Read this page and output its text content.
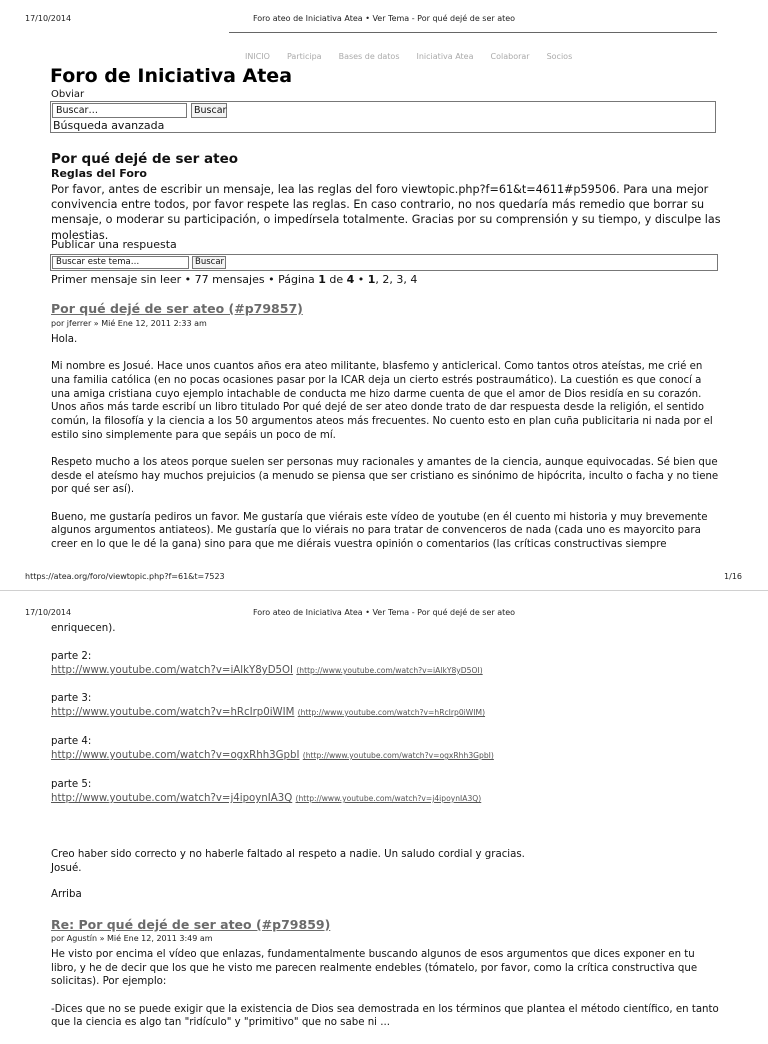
17/10/2014	Foro ateo de Iniciativa Atea • Ver Tema - Por qué dejé de ser ateo
INICIO Participa Bases de datos Iniciativa Atea Colaborar Socios
Foro de Iniciativa Atea
Obviar
Buscar…	Buscar
Búsqueda avanzada
Por qué dejé de ser ateo
Reglas del Foro
Por favor, antes de escribir un mensaje, lea las reglas del foro viewtopic.php?f=61&t=4611#p59506. Para una mejor convivencia entre todos, por favor respete las reglas. En caso contrario, no nos quedaría más remedio que borrar su mensaje, o moderar su participación, o impedírsela totalmente. Gracias por su comprensión y su tiempo, y disculpe las molestias.
Publicar una respuesta
Buscar este tema…	Buscar
Primer mensaje sin leer • 77 mensajes • Página 1 de 4 • 1, 2, 3, 4
Por qué dejé de ser ateo (#p79857)
por jferrer » Mié Ene 12, 2011 2:33 am

Hola.

Mi nombre es Josué. Hace unos cuantos años era ateo militante, blasfemo y anticlerical. Como tantos otros ateístas, me crié en una familia católica (en no pocas ocasiones pasar por la ICAR deja un cierto estrés postraumático). La cuestión es que conocí a una amiga cristiana cuyo ejemplo intachable de conducta me hizo darme cuenta de que el amor de Dios residía en su corazón. Unos años más tarde escribí un libro titulado Por qué dejé de ser ateo donde trato de dar respuesta desde la religión, el sentido común, la filosofía y la ciencia a los 50 argumentos ateos más frecuentes. No cuento esto en plan cuña publicitaria ni nada por el estilo sino simplemente para que sepáis un poco de mí.

Respeto mucho a los ateos porque suelen ser personas muy racionales y amantes de la ciencia, aunque equivocadas. Sé bien que desde el ateísmo hay muchos prejuicios (a menudo se piensa que ser cristiano es sinónimo de hipócrita, inculto o facha y no tiene por qué ser así).

Bueno, me gustaría pediros un favor. Me gustaría que viérais este vídeo de youtube (en él cuento mi historia y muy brevemente algunos argumentos antiateos). Me gustaría que lo viérais no para tratar de convenceros de nada (cada uno es mayorcito para creer en lo que le dé la gana) sino para que me diérais vuestra opinión o comentarios (las críticas constructivas siempre

https://atea.org/foro/viewtopic.php?f=61&t=7523	1/16
17/10/2014	Foro ateo de Iniciativa Atea • Ver Tema - Por qué dejé de ser ateo
enriquecen).
parte 2:
http://www.youtube.com/watch?v=iAlkY8yD5OI (http://www.youtube.com/watch?v=iAlkY8yD5OI)
parte 3:
http://www.youtube.com/watch?v=hRcIrp0iWIM (http://www.youtube.com/watch?v=hRcIrp0iWIM)
parte 4:
http://www.youtube.com/watch?v=ogxRhh3GpbI (http://www.youtube.com/watch?v=ogxRhh3GpbI)
parte 5:
http://www.youtube.com/watch?v=j4ipoynIA3Q (http://www.youtube.com/watch?v=j4ipoynIA3Q)
Creo haber sido correcto y no haberle faltado al respeto a nadie. Un saludo cordial y gracias.
Josué.
Arriba
Re: Por qué dejé de ser ateo (#p79859)
por Agustín » Mié Ene 12, 2011 3:49 am

He visto por encima el vídeo que enlazas, fundamentalmente buscando algunos de esos argumentos que dices exponer en tu libro, y he de decir que los que he visto me parecen realmente endebles (tómatelo, por favor, como la crítica constructiva que solicitas). Por ejemplo:

-Dices que no se puede exigir que la existencia de Dios sea demostrada en los términos que plantea el método científico, en tanto que la ciencia es algo tan "ridículo" y "primitivo" que no sabe ni ...
